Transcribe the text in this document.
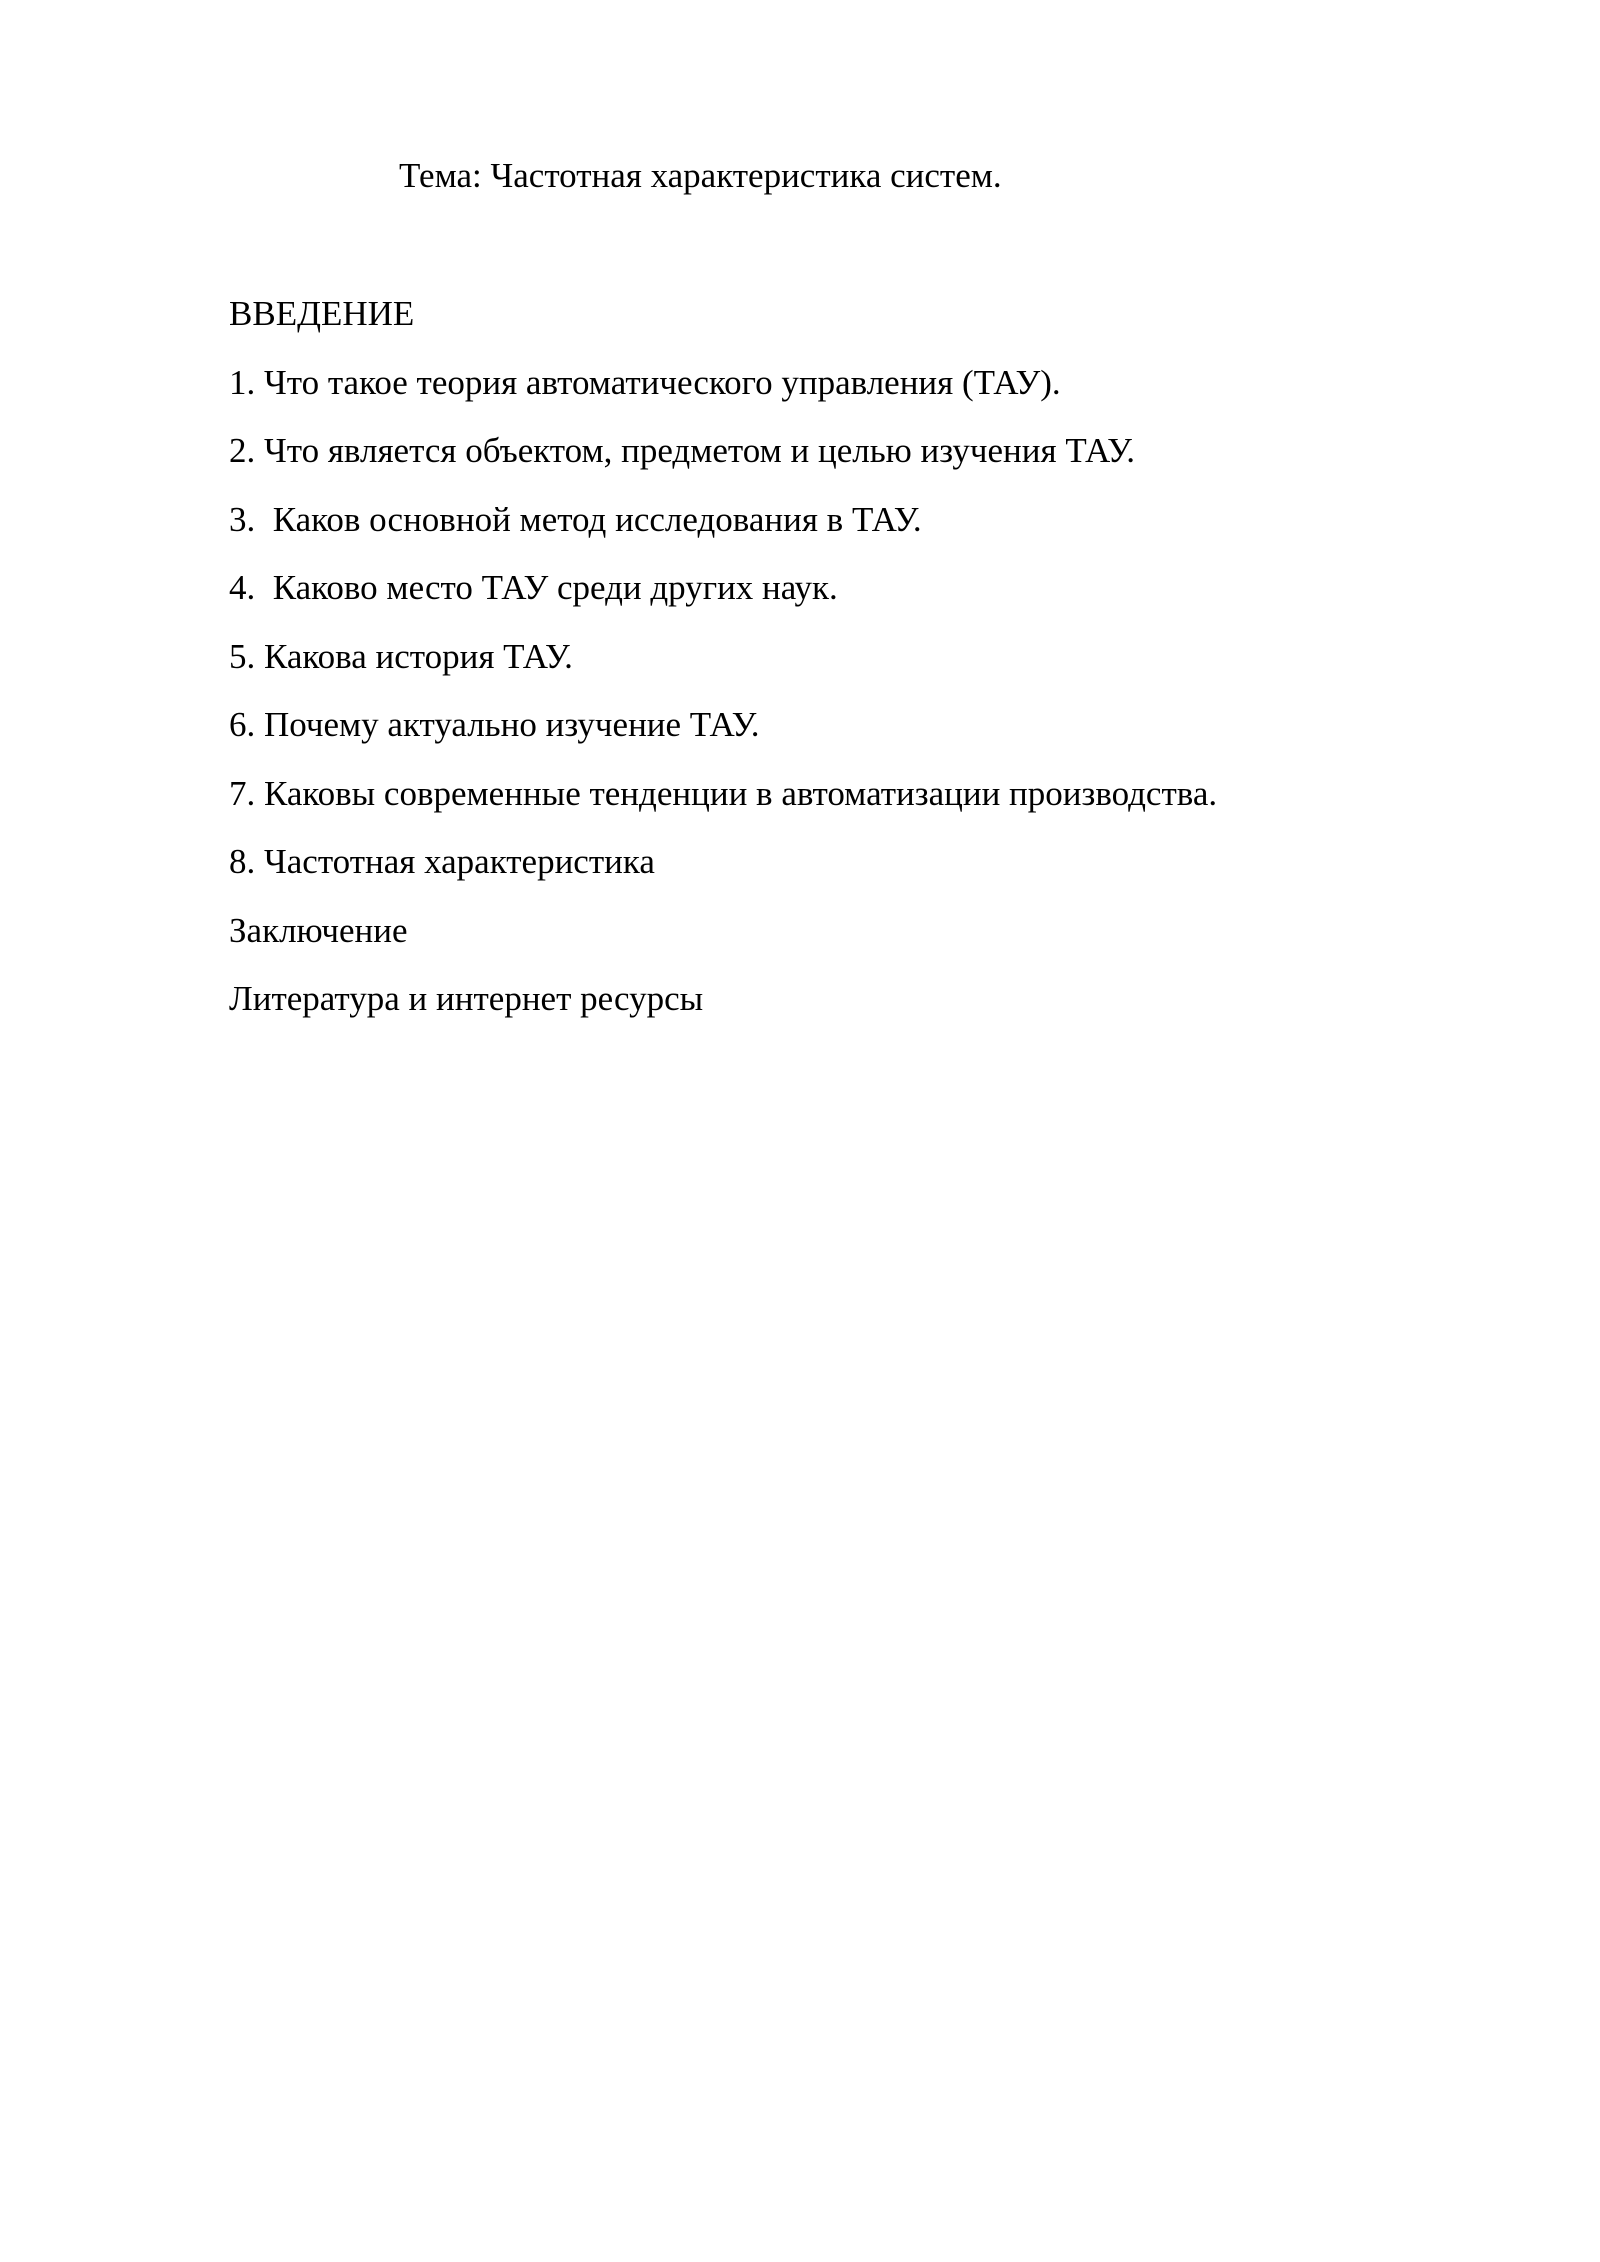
Тема: Частотная характеристика систем.
ВВЕДЕНИЕ
1. Что такое теория автоматического управления (ТАУ).
2. Что является объектом, предметом и целью изучения ТАУ.
3.  Каков основной метод исследования в ТАУ.
4.  Каково место ТАУ среди других наук.
5. Какова история ТАУ.
6. Почему актуально изучение ТАУ.
7. Каковы современные тенденции в автоматизации производства.
8. Частотная характеристика
Заключение
Литература и интернет ресурсы
